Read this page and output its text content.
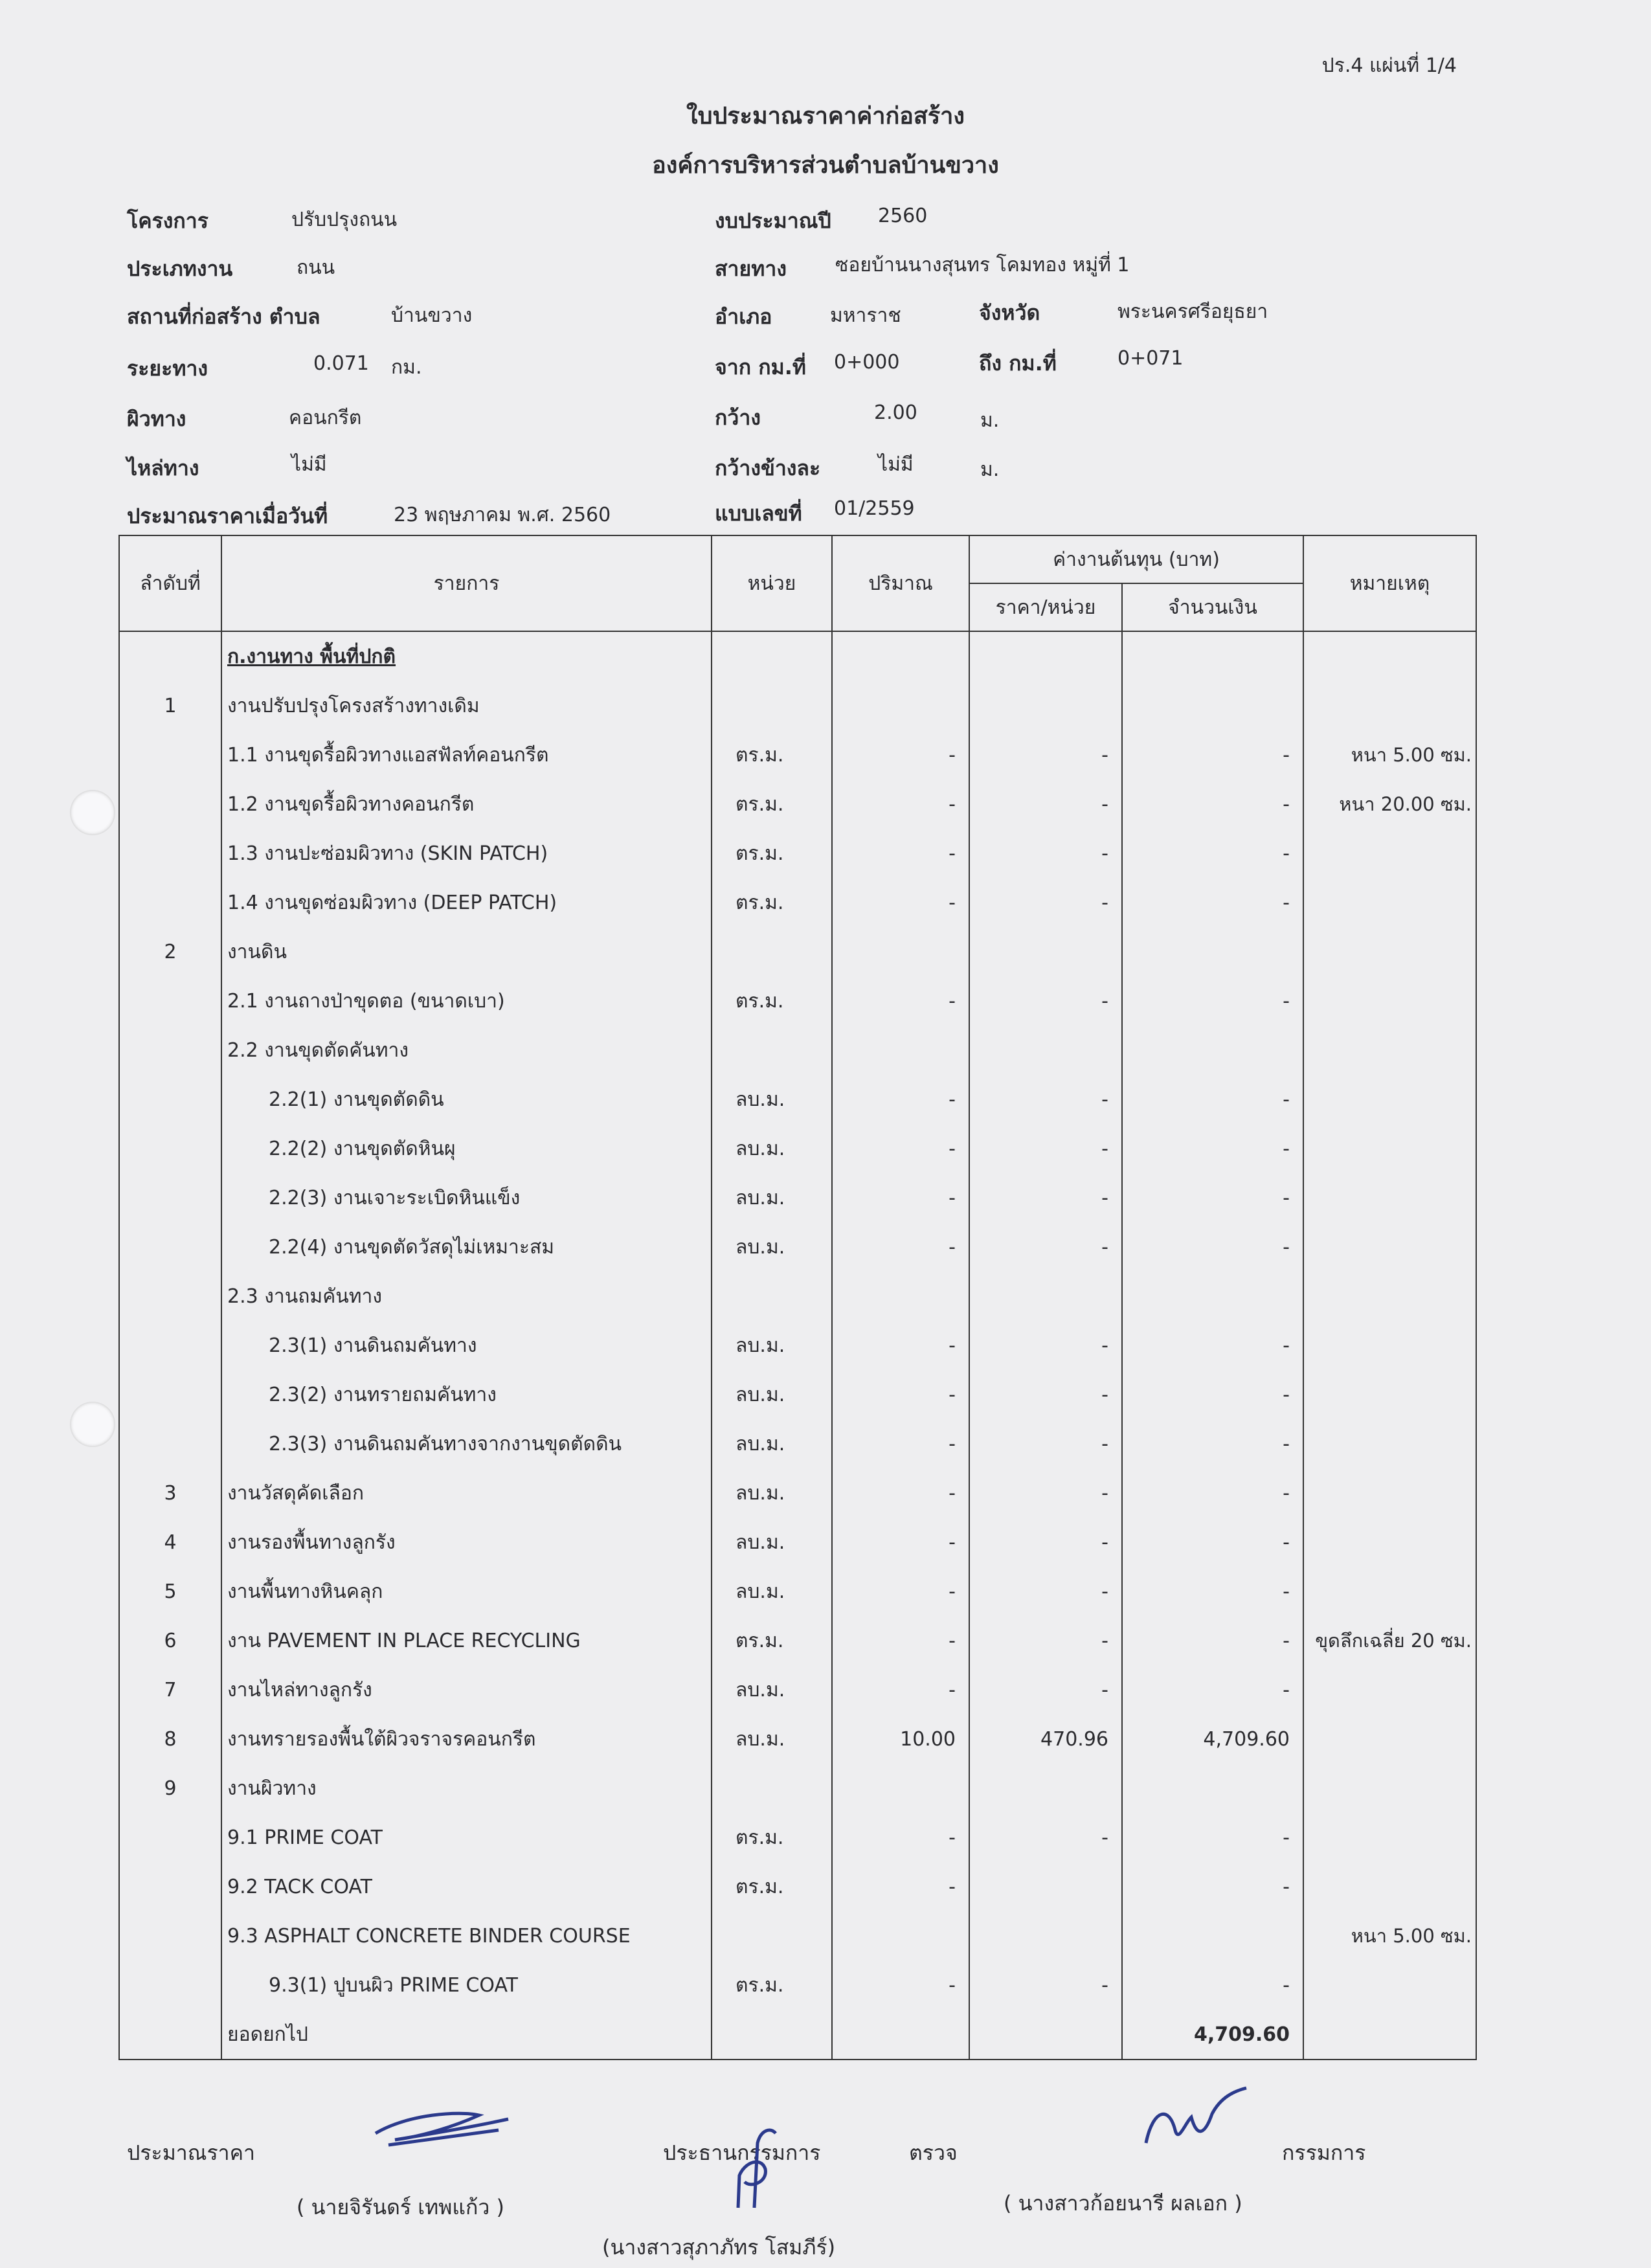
ปร.4 แผ่นที่ 1/4
ใบประมาณราคาค่าก่อสร้าง
องค์การบริหารส่วนตำบลบ้านขวาง
โครงการ	ปรับปรุงถนน	งบประมาณปี 2560
ประเภทงาน	ถนน	สายทาง	ซอยบ้านนางสุนทร โคมทอง หมู่ที่ 1
สถานที่ก่อสร้าง ตำบล	บ้านขวาง	อำเภอ	มหาราช	จังหวัด	พระนครศรีอยุธยา
ระยะทาง	0.071 กม.	จาก กม.ที่ 0+000	ถึง กม.ที่	0+071
ผิวทาง	คอนกรีต	กว้าง	2.00	ม.
ไหล่ทาง	ไม่มี	กว้างข้างละ	ไม่มี	ม.
ประมาณราคาเมื่อวันที่	23 พฤษภาคม พ.ศ. 2560	แบบเลขที่ 01/2559
ลำดับที่	รายการ	หน่วย	ปริมาณ	ค่างานต้นทุน (บาท)		หมายเหตุ
				ราคา/หน่วย	จำนวนเงิน	
	ก.งานทาง พื้นที่ปกติ					
1	งานปรับปรุงโครงสร้างทางเดิม					
	1.1 งานขุดรื้อผิวทางแอสฟัลท์คอนกรีต	ตร.ม.	-	-	-	หนา 5.00 ซม.
	1.2 งานขุดรื้อผิวทางคอนกรีต	ตร.ม.	-	-	-	หนา 20.00 ซม.
	1.3 งานปะซ่อมผิวทาง (SKIN PATCH)	ตร.ม.	-	-	-	
	1.4 งานขุดซ่อมผิวทาง (DEEP PATCH)	ตร.ม.	-	-	-	
2	งานดิน					
	2.1 งานถางป่าขุดตอ (ขนาดเบา)	ตร.ม.	-	-	-	
	2.2 งานขุดตัดคันทาง					
	2.2(1) งานขุดตัดดิน	ลบ.ม.	-	-	-	
	2.2(2) งานขุดตัดหินผุ	ลบ.ม.	-	-	-	
	2.2(3) งานเจาะระเบิดหินแข็ง	ลบ.ม.	-	-	-	
	2.2(4) งานขุดตัดวัสดุไม่เหมาะสม	ลบ.ม.	-	-	-	
	2.3 งานถมคันทาง					
	2.3(1) งานดินถมคันทาง	ลบ.ม.	-	-	-	
	2.3(2) งานทรายถมคันทาง	ลบ.ม.	-	-	-	
	2.3(3) งานดินถมคันทางจากงานขุดตัดดิน	ลบ.ม.	-	-	-	
3	งานวัสดุคัดเลือก	ลบ.ม.	-	-	-	
4	งานรองพื้นทางลูกรัง	ลบ.ม.	-	-	-	
5	งานพื้นทางหินคลุก	ลบ.ม.	-	-	-	
6	งาน PAVEMENT IN PLACE RECYCLING	ตร.ม.	-	-	-	ขุดลึกเฉลี่ย 20 ซม.
7	งานไหล่ทางลูกรัง	ลบ.ม.	-	-	-	
8	งานทรายรองพื้นใต้ผิวจราจรคอนกรีต	ลบ.ม.	10.00	470.96	4,709.60	
9	งานผิวทาง					
	9.1 PRIME COAT	ตร.ม.	-	-	-	
	9.2 TACK COAT	ตร.ม.	-		-	
	9.3 ASPHALT CONCRETE BINDER COURSE					หนา 5.00 ซม.
	9.3(1) ปูบนผิว PRIME COAT	ตร.ม.	-	-	-	
	ยอดยกไป				4,709.60	
ประมาณราคา
( นายจิรันดร์ เทพแก้ว )
ประธานกรรมการ
(นางสาวสุภาภัทร โสมภีร์)
ตรวจ	กรรมการ
( นางสาวก้อยนารี ผลเอก )
